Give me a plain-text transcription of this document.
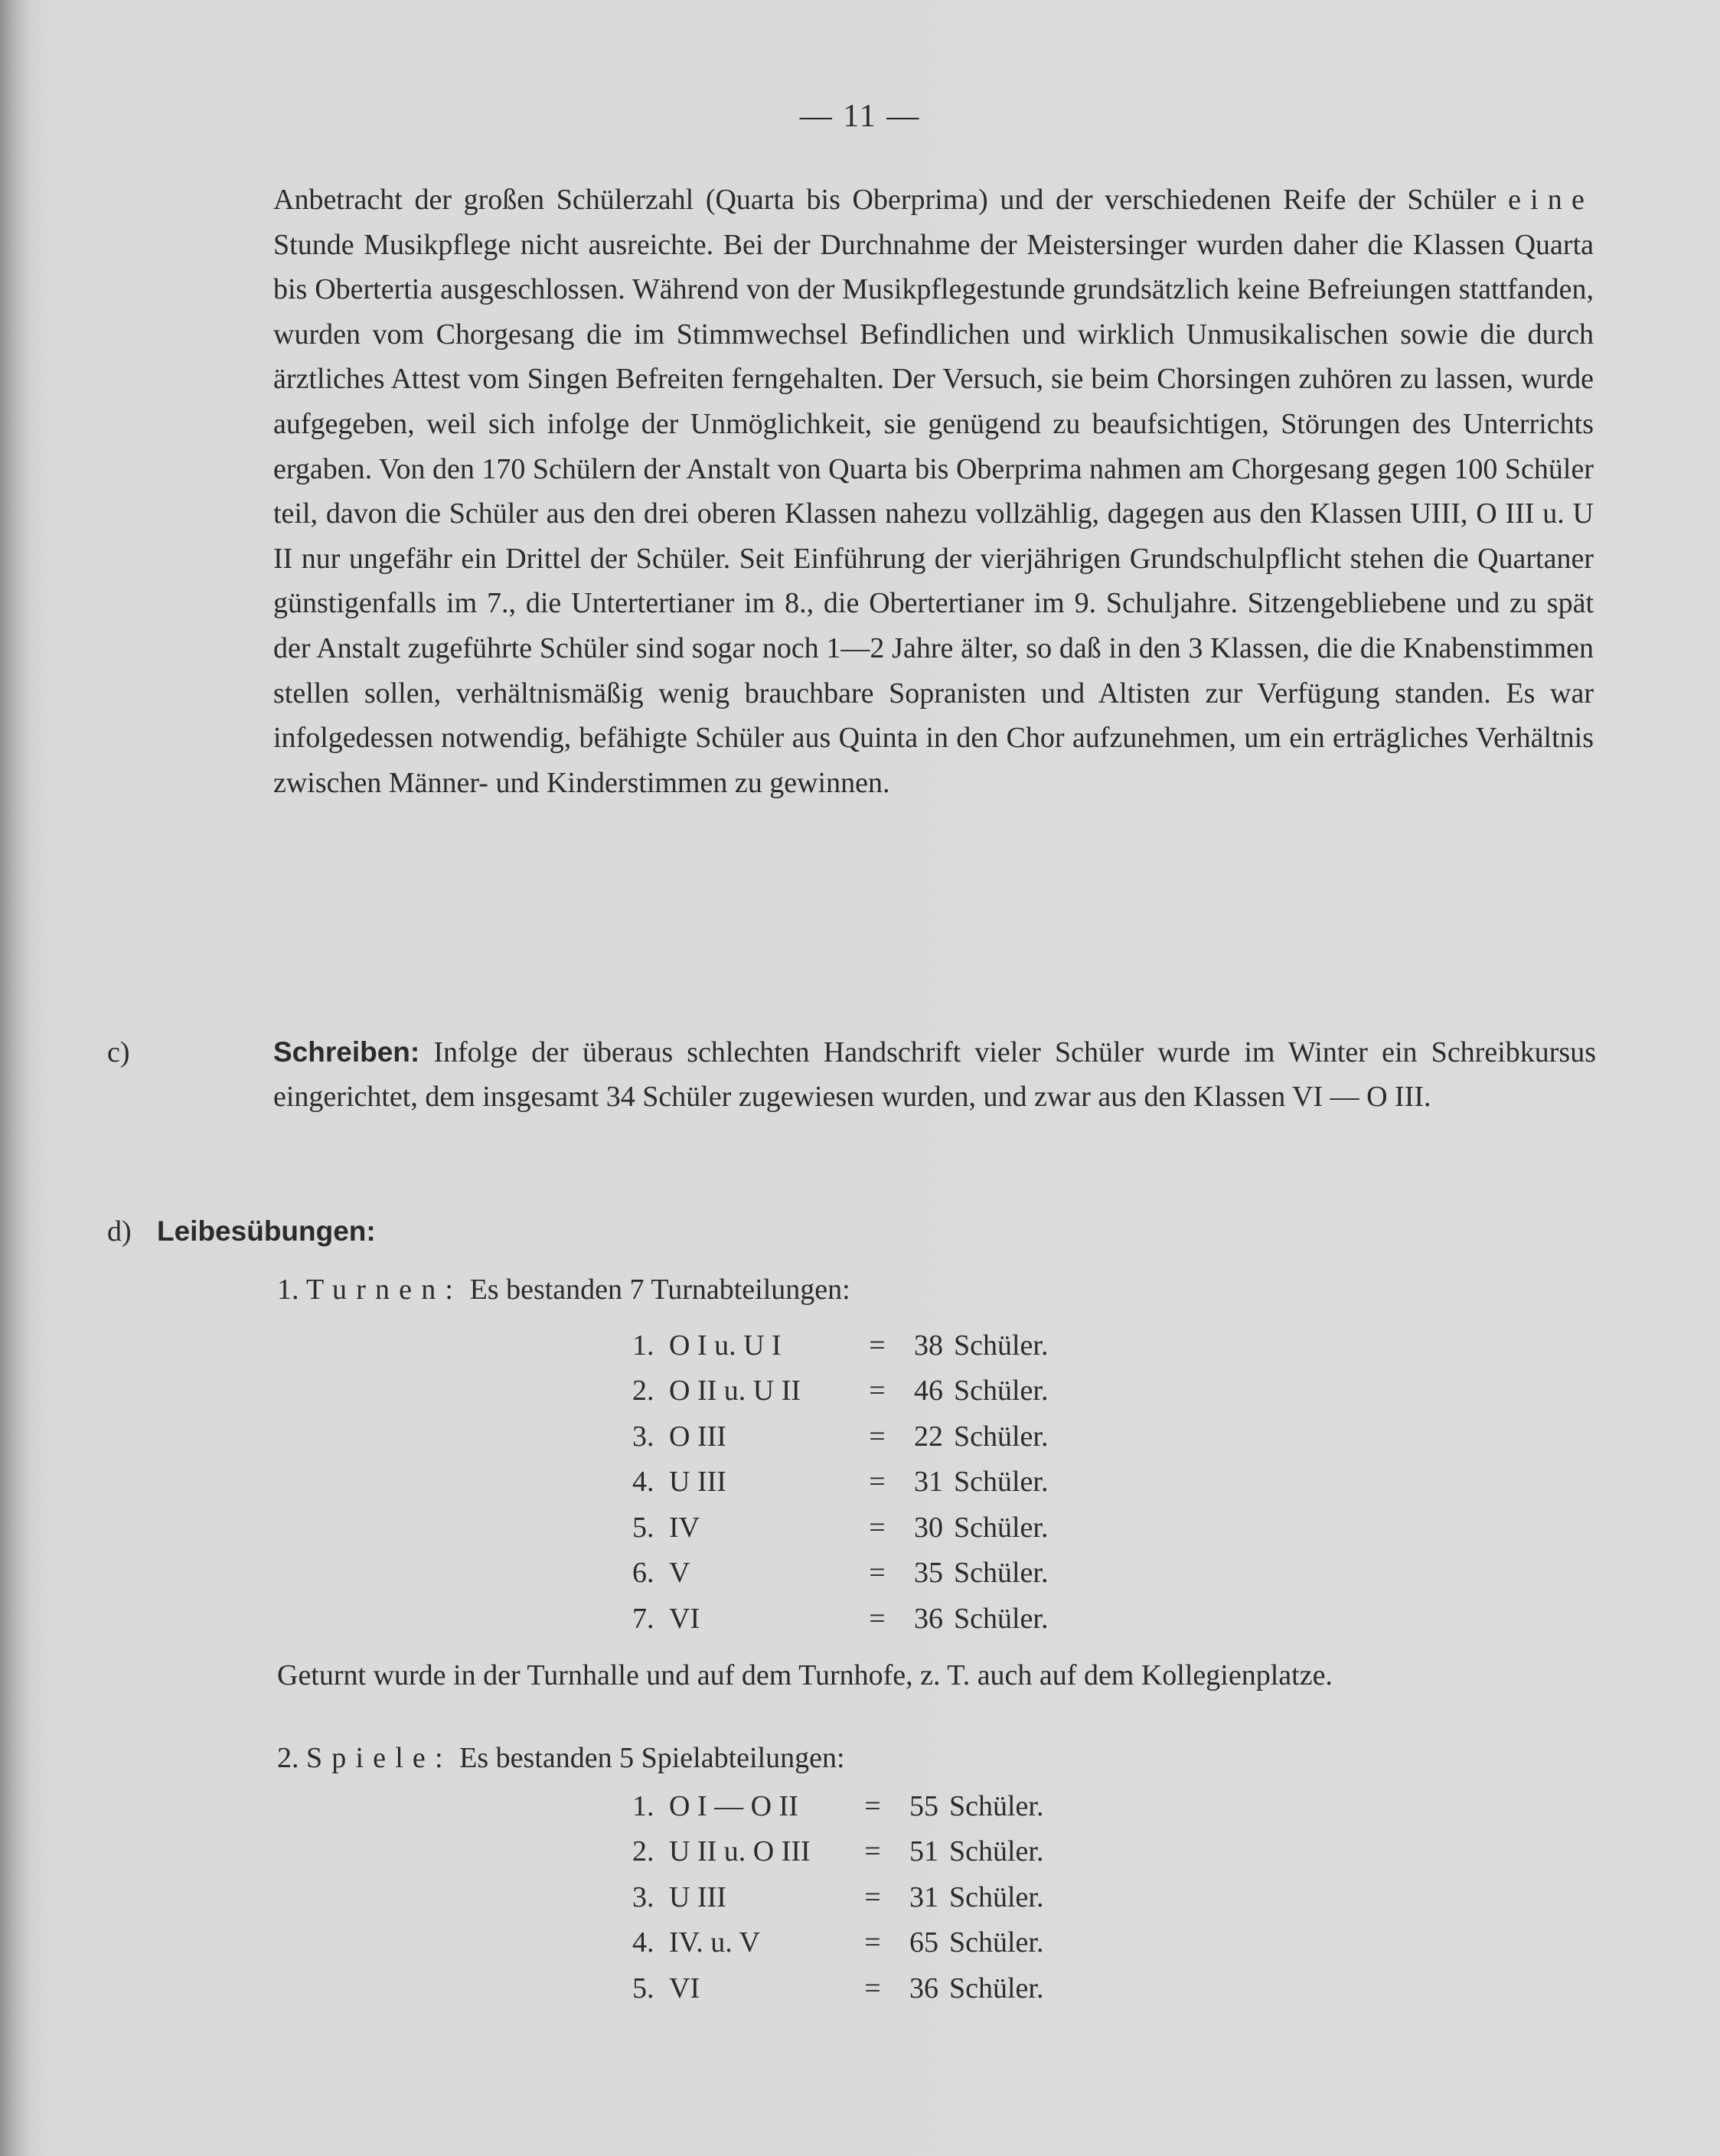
— 11 —

Anbetracht der großen Schülerzahl (Quarta bis Oberprima) und der verschiedenen Reife der Schüler eine Stunde Musikpflege nicht ausreichte. Bei der Durchnahme der Meistersinger wurden daher die Klassen Quarta bis Obertertia ausgeschlossen. Während von der Musikpflegestunde grundsätzlich keine Befreiungen stattfanden, wurden vom Chorgesang die im Stimmwechsel Befindlichen und wirklich Unmusikalischen sowie die durch ärztliches Attest vom Singen Befreiten ferngehalten. Der Versuch, sie beim Chorsingen zuhören zu lassen, wurde aufgegeben, weil sich infolge der Unmöglichkeit, sie genügend zu beaufsichtigen, Störungen des Unterrichts ergaben. Von den 170 Schülern der Anstalt von Quarta bis Oberprima nahmen am Chorgesang gegen 100 Schüler teil, davon die Schüler aus den drei oberen Klassen nahezu vollzählig, dagegen aus den Klassen UIII, O III u. U II nur ungefähr ein Drittel der Schüler. Seit Einführung der vierjährigen Grundschulpflicht stehen die Quartaner günstigenfalls im 7., die Untertertianer im 8., die Obertertianer im 9. Schuljahre. Sitzengebliebene und zu spät der Anstalt zugeführte Schüler sind sogar noch 1—2 Jahre älter, so daß in den 3 Klassen, die die Knabenstimmen stellen sollen, verhältnismäßig wenig brauchbare Sopranisten und Altisten zur Verfügung standen. Es war infolgedessen notwendig, befähigte Schüler aus Quinta in den Chor aufzunehmen, um ein erträgliches Verhältnis zwischen Männer- und Kinderstimmen zu gewinnen.

c)	Schreiben: Infolge der überaus schlechten Handschrift vieler Schüler wurde im Winter ein Schreibkursus eingerichtet, dem insgesamt 34 Schüler zugewiesen wurden, und zwar aus den Klassen VI — O III.
d) Leibesübungen:
1. Turnen: Es bestanden 7 Turnabteilungen:
1.	O I u. U I	=	38	Schüler.
2.	O II u. U II	=	46	Schüler.
3.	O III	=	22	Schüler.
4.	U III	=	31	Schüler.
5.	IV	=	30	Schüler.
6.	V	=	35	Schüler.
7.	VI	=	36	Schüler.
Geturnt wurde in der Turnhalle und auf dem Turnhofe, z. T. auch auf dem Kollegienplatze.
2. Spiele: Es bestanden 5 Spielabteilungen:
1.	O I — O II	=	55	Schüler.
2.	U II u. O III	=	51	Schüler.
3.	U III	=	31	Schüler.
4.	IV. u. V	=	65	Schüler.
5.	VI	=	36	Schüler.
